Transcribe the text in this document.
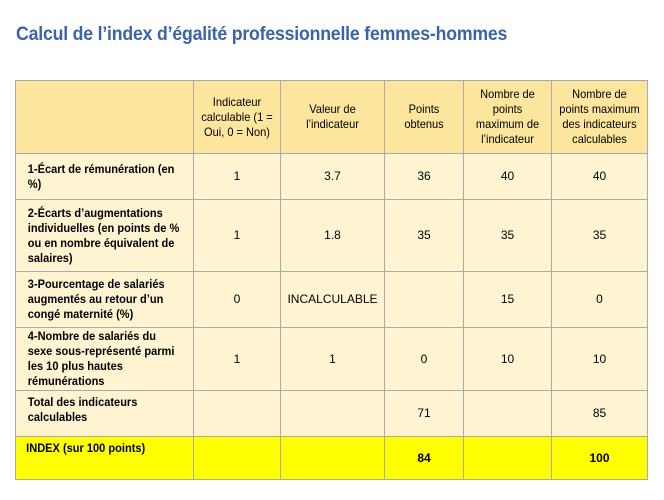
Calcul de l’index d’égalité professionnelle femmes-hommes
	Indicateur calculable (1 = Oui, 0 = Non)	Valeur de l’indicateur	Points obtenus	Nombre de points maximum de l’indicateur	Nombre de points maximum des indicateurs calculables
1-Écart de rémunération (en %)	1	3.7	36	40	40
2-Écarts d’augmentations individuelles (en points de % ou en nombre équivalent de salaires)	1	1.8	35	35	35
3-Pourcentage de salariés augmentés au retour d’un congé maternité (%)	0	INCALCULABLE		15	0
4-Nombre de salariés du sexe sous-représenté parmi les 10 plus hautes rémunérations	1	1	0	10	10
Total des indicateurs calculables			71		85
INDEX (sur 100 points)			84		100
